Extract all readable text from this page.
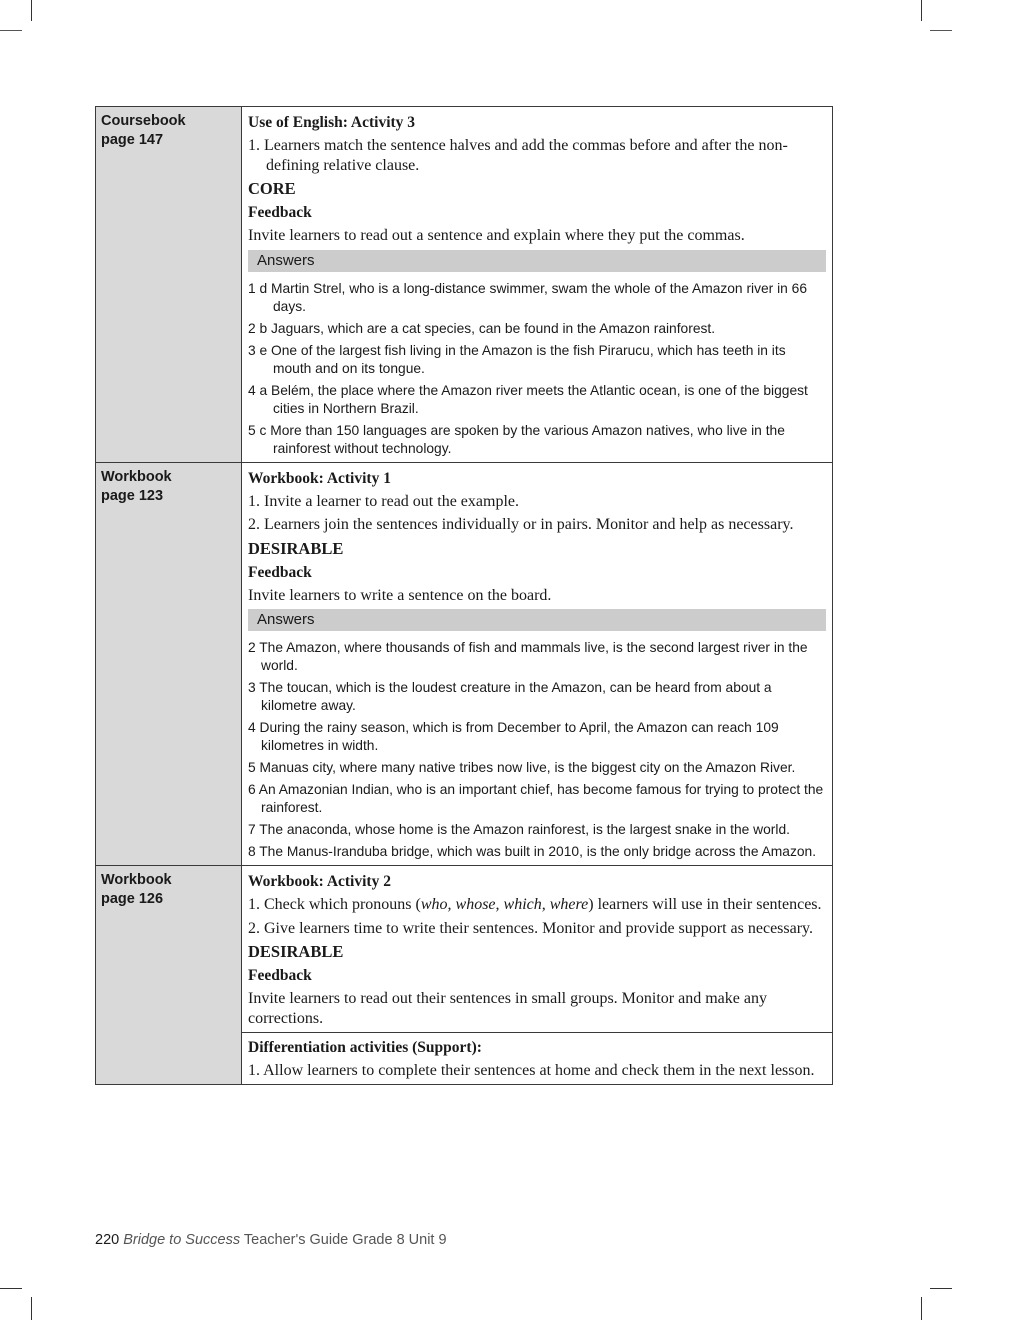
Coursebook
page 147

Use of English: Activity 3
1. Learners match the sentence halves and add the commas before and after the non-defining relative clause.
CORE
Feedback
Invite learners to read out a sentence and explain where they put the commas.
Answers
1 d Martin Strel, who is a long-distance swimmer, swam the whole of the Amazon river in 66 days.
2 b Jaguars, which are a cat species, can be found in the Amazon rainforest.
3 e One of the largest fish living in the Amazon is the fish Pirarucu, which has teeth in its mouth and on its tongue.
4 a Belém, the place where the Amazon river meets the Atlantic ocean, is one of the biggest cities in Northern Brazil.
5 c More than 150 languages are spoken by the various Amazon natives, who live in the rainforest without technology.

Workbook
page 123

Workbook: Activity 1
1. Invite a learner to read out the example.
2. Learners join the sentences individually or in pairs. Monitor and help as necessary.
DESIRABLE
Feedback
Invite learners to write a sentence on the board.
Answers
2 The Amazon, where thousands of fish and mammals live, is the second largest river in the world.
3 The toucan, which is the loudest creature in the Amazon, can be heard from about a kilometre away.
4 During the rainy season, which is from December to April, the Amazon can reach 109 kilometres in width.
5 Manuas city, where many native tribes now live, is the biggest city on the Amazon River.
6 An Amazonian Indian, who is an important chief, has become famous for trying to protect the rainforest.
7 The anaconda, whose home is the Amazon rainforest, is the largest snake in the world.
8 The Manus-Iranduba bridge, which was built in 2010, is the only bridge across the Amazon.

Workbook
page 126

Workbook: Activity 2
1. Check which pronouns (who, whose, which, where) learners will use in their sentences.
2. Give learners time to write their sentences. Monitor and provide support as necessary.
DESIRABLE
Feedback
Invite learners to read out their sentences in small groups. Monitor and make any corrections.

	Differentiation activities (Support):
1. Allow learners to complete their sentences at home and check them in the next lesson.
220 Bridge to Success Teacher's Guide Grade 8 Unit 9
